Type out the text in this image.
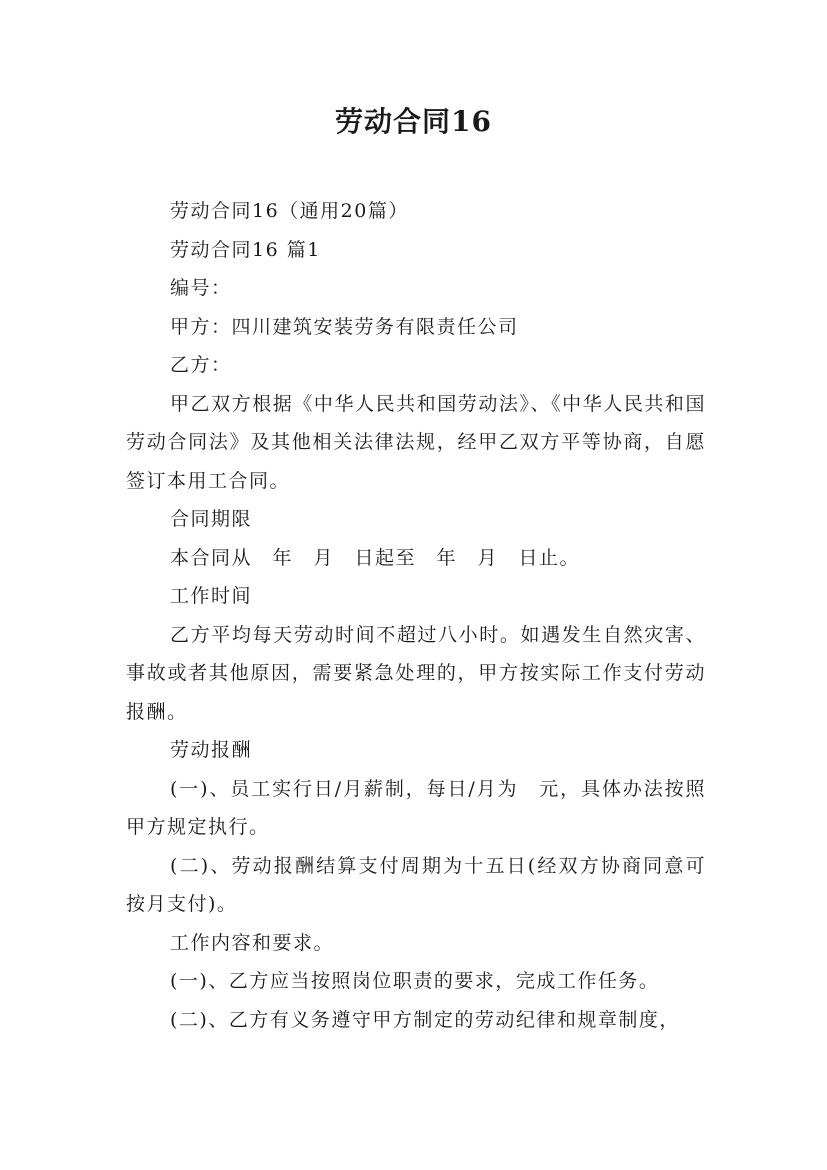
劳动合同16

劳动合同16（通用20篇）

劳动合同16 篇1

编号：

甲方：四川建筑安装劳务有限责任公司

乙方：

甲乙双方根据《中华人民共和国劳动法》、《中华人民共和国劳动合同法》及其他相关法律法规，经甲乙双方平等协商，自愿签订本用工合同。

合同期限

本合同从　年　月　日起至　年　月　日止。

工作时间

乙方平均每天劳动时间不超过八小时。如遇发生自然灾害、事故或者其他原因，需要紧急处理的，甲方按实际工作支付劳动报酬。

劳动报酬

(一)、员工实行日/月薪制，每日/月为　元，具体办法按照甲方规定执行。

(二)、劳动报酬结算支付周期为十五日(经双方协商同意可按月支付)。

工作内容和要求。

(一)、乙方应当按照岗位职责的要求，完成工作任务。

(二)、乙方有义务遵守甲方制定的劳动纪律和规章制度，
